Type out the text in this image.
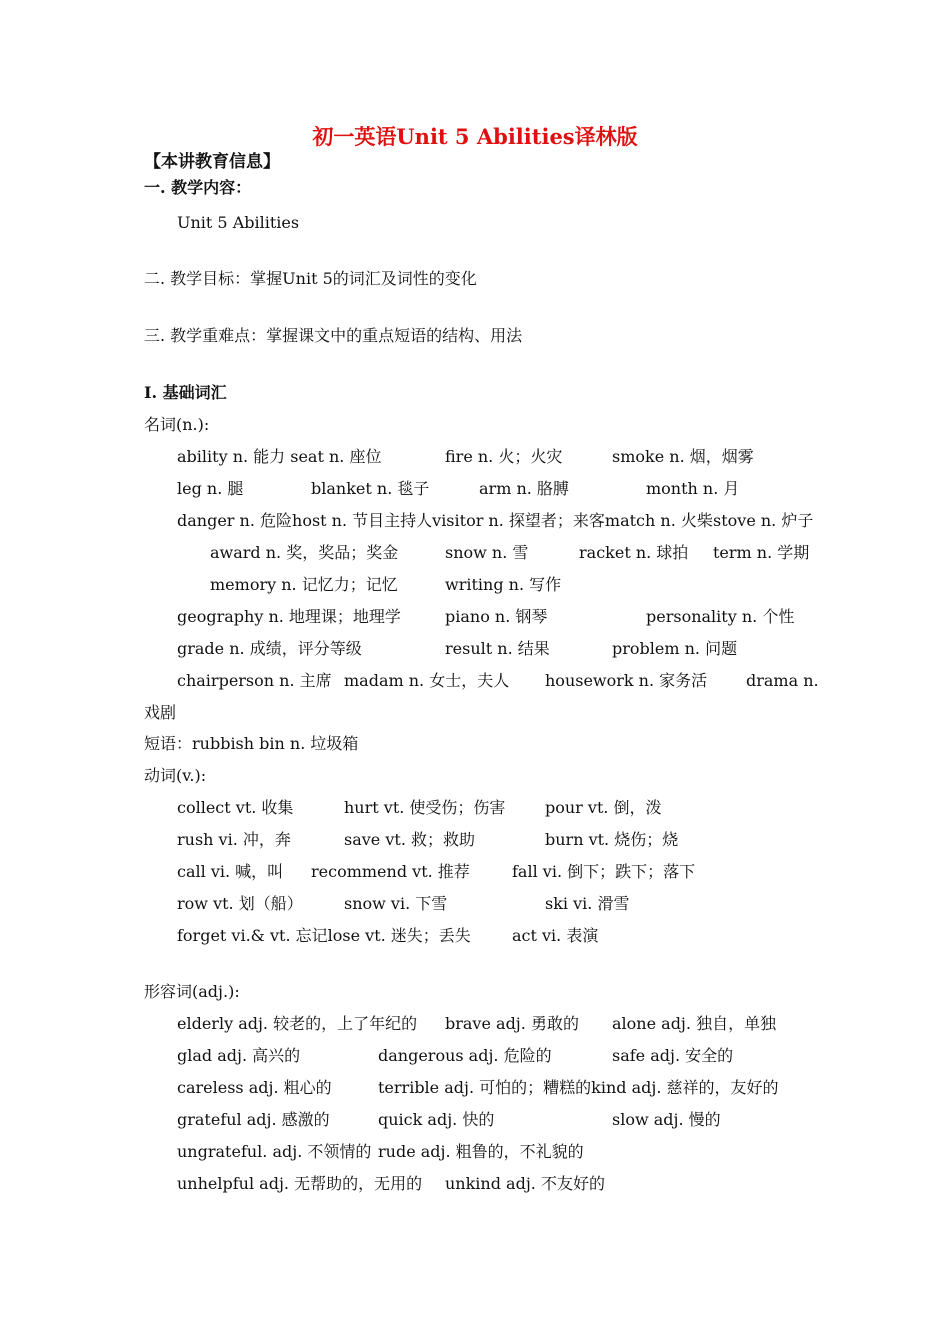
初一英语Unit 5 Abilities译林版
【本讲教育信息】
一. 教学内容：
Unit 5 Abilities
二. 教学目标：掌握Unit 5的词汇及词性的变化
三. 教学重难点：掌握课文中的重点短语的结构、用法
Ⅰ. 基础词汇
名词(n.):
ability n. 能力 seat n. 座位	fire n. 火；火灾	smoke n. 烟，烟雾
leg n. 腿	blanket n. 毯子	arm n. 胳膊	month n. 月
danger n. 危险host n. 节目主持人visitor n. 探望者；来客match n. 火柴 stove n. 炉子
award n. 奖，奖品；奖金	snow n. 雪	racket n. 球拍 term n. 学期
memory n. 记忆力；记忆	writing n. 写作
geography n. 地理课；地理学	piano n. 钢琴	personality n. 个性
grade n. 成绩，评分等级	result n. 结果	problem n. 问题
chairperson n. 主席 madam n. 女士，夫人 housework n. 家务活 drama n.
戏剧
短语：rubbish bin n. 垃圾箱
动词(v.):
collect vt. 收集	hurt vt. 使受伤；伤害 pour vt. 倒，泼
rush vi. 冲，奔	save vt. 救；救助	burn vt. 烧伤；烧
call vi. 喊，叫 recommend vt. 推荐	fall vi. 倒下；跌下；落下
row vt. 划（船）	snow vi. 下雪	ski vi. 滑雪
forget vi.& vt. 忘记lose vt. 迷失；丢失	act vi. 表演
形容词(adj.):
elderly adj. 较老的，上了年纪的 brave adj. 勇敢的 alone adj. 独自，单独
glad adj. 高兴的	dangerous adj. 危险的	safe adj. 安全的
careless adj. 粗心的	terrible adj. 可怕的；糟糕的kind adj. 慈祥的，友好的
grateful adj. 感激的	quick adj. 快的	slow adj. 慢的
ungrateful. adj. 不领情的 rude adj. 粗鲁的，不礼貌的
unhelpful adj. 无帮助的，无用的 unkind adj. 不友好的
